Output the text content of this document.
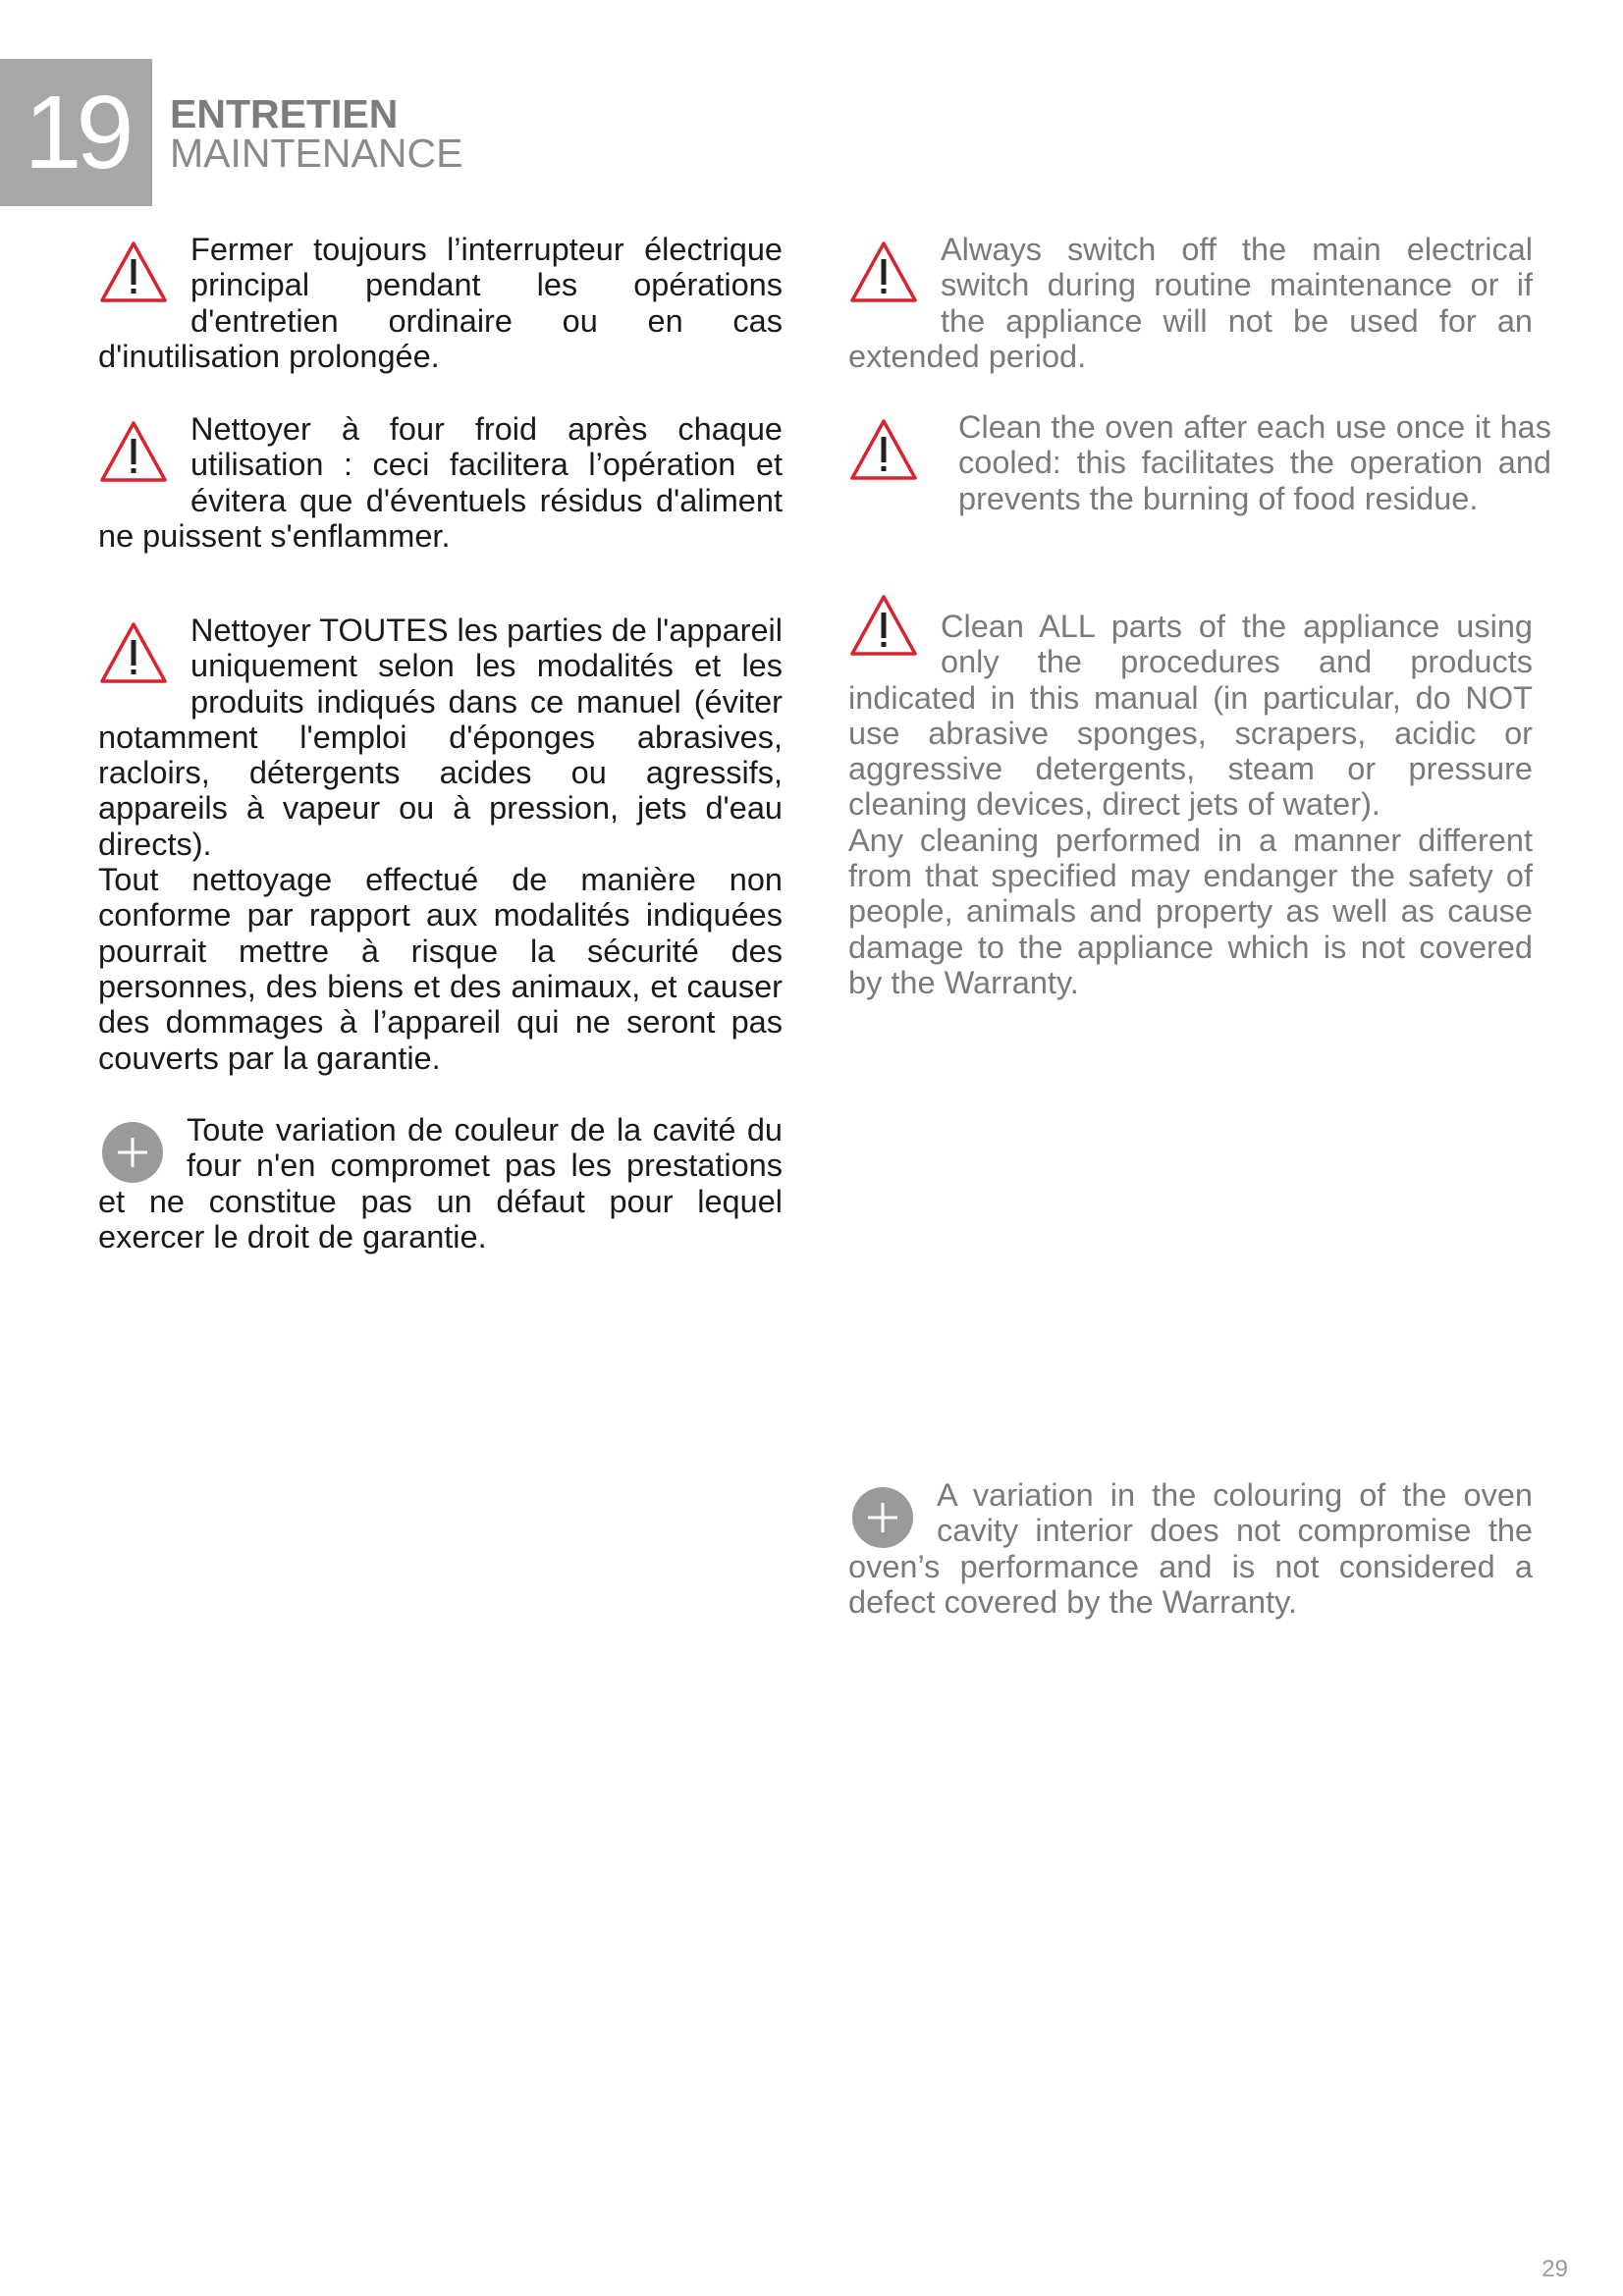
19	ENTRETIEN
MAINTENANCE

Fermer toujours l’interrupteur électrique principal pendant les opérations d'entretien ordinaire ou en cas d'inutilisation prolongée.

Nettoyer à four froid après chaque utilisation : ceci facilitera l’opération et évitera que d'éventuels résidus d'aliment ne puissent s'enflammer.

Nettoyer TOUTES les parties de l'appareil uniquement selon les modalités et les produits indiqués dans ce manuel (éviter notamment l'emploi d'éponges abrasives, racloirs, détergents acides ou agressifs, appareils à vapeur ou à pression, jets d'eau directs).

Tout nettoyage effectué de manière non conforme par rapport aux modalités indiquées pourrait mettre à risque la sécurité des personnes, des biens et des animaux, et causer des dommages à l’appareil qui ne seront pas couverts par la garantie.

Toute variation de couleur de la cavité du four n'en compromet pas les prestations et ne constitue pas un défaut pour lequel exercer le droit de garantie.

Always switch off the main electrical switch during routine maintenance or if the appliance will not be used for an extended period.

Clean the oven after each use once it has cooled: this facilitates the operation and prevents the burning of food residue.

Clean ALL parts of the appliance using only the procedures and products indicated in this manual (in particular, do NOT use abrasive sponges, scrapers, acidic or aggressive detergents, steam or pressure cleaning devices, direct jets of water).

Any cleaning performed in a manner different from that specified may endanger the safety of people, animals and property as well as cause damage to the appliance which is not covered by the Warranty.

A variation in the colouring of the oven cavity interior does not compromise the oven’s performance and is not considered a defect covered by the Warranty.

29
